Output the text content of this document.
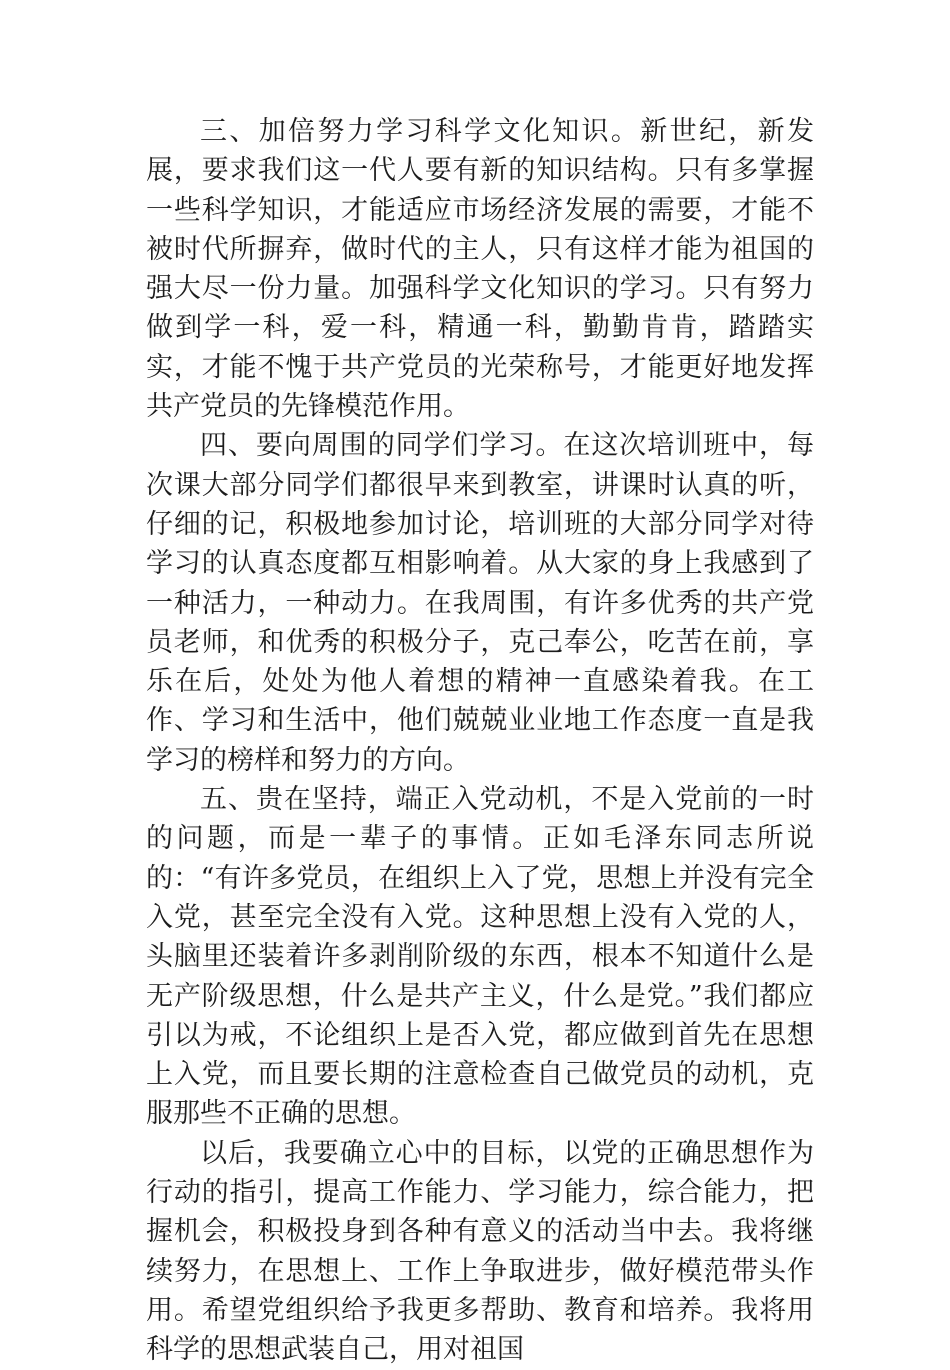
三、加倍努力学习科学文化知识。新世纪，新发展，要求我们这一代人要有新的知识结构。只有多掌握一些科学知识，才能适应市场经济发展的需要，才能不被时代所摒弃，做时代的主人，只有这样才能为祖国的强大尽一份力量。加强科学文化知识的学习。只有努力做到学一科，爱一科，精通一科，勤勤肯肯，踏踏实实，才能不愧于共产党员的光荣称号，才能更好地发挥共产党员的先锋模范作用。

四、要向周围的同学们学习。在这次培训班中，每次课大部分同学们都很早来到教室，讲课时认真的听，仔细的记，积极地参加讨论，培训班的大部分同学对待学习的认真态度都互相影响着。从大家的身上我感到了一种活力，一种动力。在我周围，有许多优秀的共产党员老师，和优秀的积极分子，克己奉公，吃苦在前，享乐在后，处处为他人着想的精神一直感染着我。在工作、学习和生活中，他们兢兢业业地工作态度一直是我学习的榜样和努力的方向。

五、贵在坚持，端正入党动机，不是入党前的一时的问题，而是一辈子的事情。正如毛泽东同志所说的：“有许多党员，在组织上入了党，思想上并没有完全入党，甚至完全没有入党。这种思想上没有入党的人，头脑里还装着许多剥削阶级的东西，根本不知道什么是无产阶级思想，什么是共产主义，什么是党。”我们都应引以为戒，不论组织上是否入党，都应做到首先在思想上入党，而且要长期的注意检查自己做党员的动机，克服那些不正确的思想。

以后，我要确立心中的目标，以党的正确思想作为行动的指引，提高工作能力、学习能力，综合能力，把握机会，积极投身到各种有意义的活动当中去。我将继续努力，在思想上、工作上争取进步，做好模范带头作用。希望党组织给予我更多帮助、教育和培养。我将用科学的思想武装自己，用对祖国
